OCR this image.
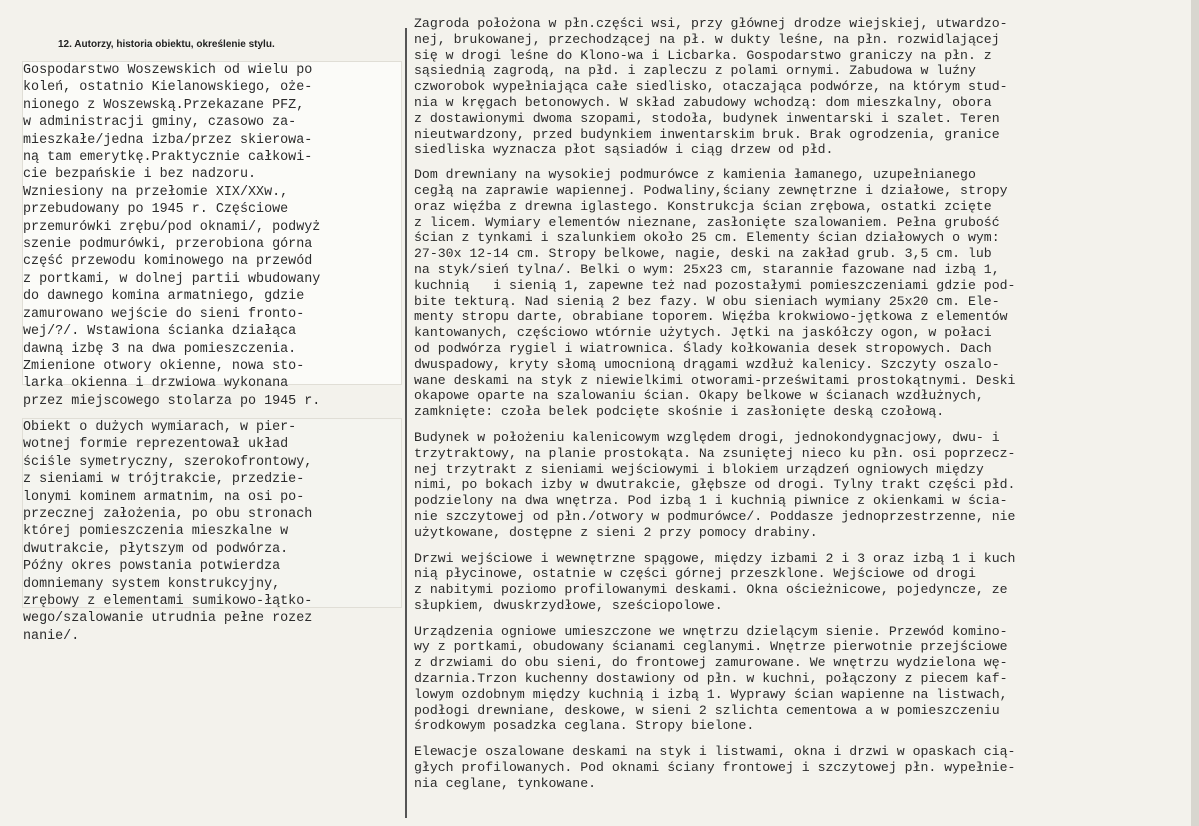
12. Autorzy, historia obiektu, określenie stylu.
Gospodarstwo Woszewskich od wielu po
koleń, ostatnio Kielanowskiego, oże-
nionego z Woszewską.Przekazane PFZ,
w administracji gminy, czasowo za-
mieszkałe/jedna izba/przez skierowa-
ną tam emerytkę.Praktycznie całkowi-
cie bezpańskie i bez nadzoru.
Wzniesiony na przełomie XIX/XXw.,
przebudowany po 1945 r. Częściowe
przemurówki zrębu/pod oknami/, podwyż
szenie podmurówki, przerobiona górna
część przewodu kominowego na przewód
z portkami, w dolnej partii wbudowany
do dawnego komina armatniego, gdzie
zamurowano wejście do sieni fronto-
wej/?/. Wstawiona ścianka działąca
dawną izbę 3 na dwa pomieszczenia.
Zmienione otwory okienne, nowa sto-
larka okienna i drzwiowa wykonana
przez miejscowego stolarza po 1945 r.
Obiekt o dużych wymiarach, w pier-
wotnej formie reprezentował układ
ściśle symetryczny, szerokofrontowy,
z sieniami w trójtrakcie, przedzie-
lonymi kominem armatnim, na osi po-
przecznej założenia, po obu stronach
której pomieszczenia mieszkalne w
dwutrakcie, płytszym od podwórza.
Późny okres powstania potwierdza
domniemany system konstrukcyjny,
zrębowy z elementami sumikowo-łątko-
wego/szalowanie utrudnia pełne rozez
nanie/.
Zagroda położona w płn.części wsi, przy głównej drodze wiejskiej, utwardzo-
nej, brukowanej, przechodzącej na pł. w dukty leśne, na płn. rozwidlającej
się w drogi leśne do Klono-wa i Licbarka. Gospodarstwo graniczy na płn. z
sąsiednią zagrodą, na płd. i zapleczu z polami ornymi. Zabudowa w luźny
czworobok wypełniająca całe siedlisko, otaczająca podwórze, na którym stud-
nia w kręgach betonowych. W skład zabudowy wchodzą: dom mieszkalny, obora
z dostawionymi dwoma szopami, stodoła, budynek inwentarski i szalet. Teren
nieutwardzony, przed budynkiem inwentarskim bruk. Brak ogrodzenia, granice
siedliska wyznacza płot sąsiadów i ciąg drzew od płd.
Dom drewniany na wysokiej podmurówce z kamienia łamanego, uzupełnianego
cegłą na zaprawie wapiennej. Podwaliny,ściany zewnętrzne i działowe, stropy
oraz więźba z drewna iglastego. Konstrukcja ścian zrębowa, ostatki zcięte
z licem. Wymiary elementów nieznane, zasłonięte szalowaniem. Pełna grubość
ścian z tynkami i szalunkiem około 25 cm. Elementy ścian działowych o wym:
27-30x 12-14 cm. Stropy belkowe, nagie, deski na zakład grub. 3,5 cm. lub
na styk/sień tylna/. Belki o wym: 25x23 cm, starannie fazowane nad izbą 1,
kuchnią   i sienią 1, zapewne też nad pozostałymi pomieszczeniami gdzie pod-
bite tekturą. Nad sienią 2 bez fazy. W obu sieniach wymiany 25x20 cm. Ele-
menty stropu darte, obrabiane toporem. Więźba krokwiowo-jętkowa z elementów
kantowanych, częściowo wtórnie użytych. Jętki na jaskółczy ogon, w połaci
od podwórza rygiel i wiatrownica. Ślady kołkowania desek stropowych. Dach
dwuspadowy, kryty słomą umocnioną drągami wzdłuż kalenicy. Szczyty oszalo-
wane deskami na styk z niewielkimi otworami-prześwitami prostokątnymi. Deski
okapowe oparte na szalowaniu ścian. Okapy belkowe w ścianach wzdłużnych,
zamknięte: czoła belek podcięte skośnie i zasłonięte deską czołową.
Budynek w położeniu kalenicowym względem drogi, jednokondygnacjowy, dwu- i
trzytraktowy, na planie prostokąta. Na zsuniętej nieco ku płn. osi poprzecz-
nej trzytrakt z sieniami wejściowymi i blokiem urządzeń ogniowych między
nimi, po bokach izby w dwutrakcie, głębsze od drogi. Tylny trakt części płd.
podzielony na dwa wnętrza. Pod izbą 1 i kuchnią piwnice z okienkami w ścia-
nie szczytowej od płn./otwory w podmurówce/. Poddasze jednoprzestrzenne, nie
użytkowane, dostępne z sieni 2 przy pomocy drabiny.
Drzwi wejściowe i wewnętrzne spągowe, między izbami 2 i 3 oraz izbą 1 i kuch
nią płycinowe, ostatnie w części górnej przeszklone. Wejściowe od drogi
z nabitymi poziomo profilowanymi deskami. Okna ościeżnicowe, pojedyncze, ze
słupkiem, dwuskrzydłowe, sześciopolowe.
Urządzenia ogniowe umieszczone we wnętrzu dzielącym sienie. Przewód komino-
wy z portkami, obudowany ścianami ceglanymi. Wnętrze pierwotnie przejściowe
z drzwiami do obu sieni, do frontowej zamurowane. We wnętrzu wydzielona wę-
dzarnia.Trzon kuchenny dostawiony od płn. w kuchni, połączony z piecem kaf-
lowym ozdobnym między kuchnią i izbą 1. Wyprawy ścian wapienne na listwach,
podłogi drewniane, deskowe, w sieni 2 szlichta cementowa a w pomieszczeniu
środkowym posadzka ceglana. Stropy bielone.
Elewacje oszalowane deskami na styk i listwami, okna i drzwi w opaskach cią-
głych profilowanych. Pod oknami ściany frontowej i szczytowej płn. wypełnie-
nia ceglane, tynkowane.
